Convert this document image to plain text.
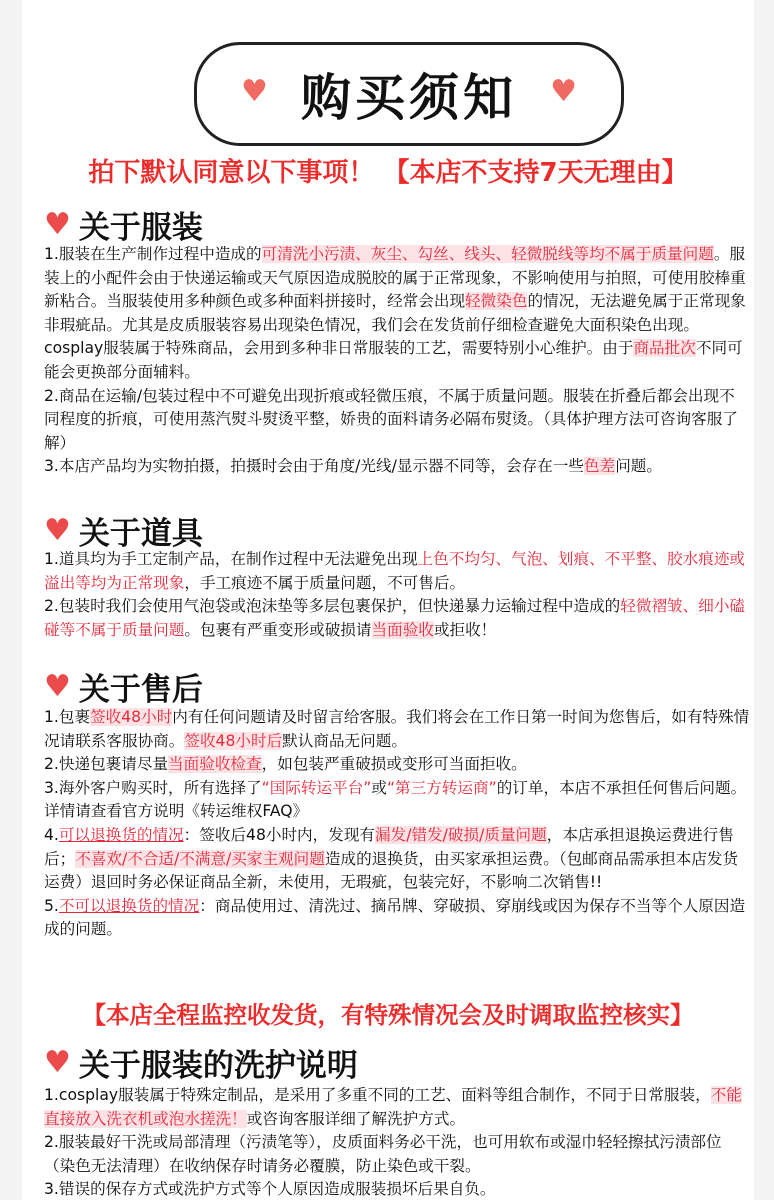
♥ 购买须知 ♥
拍下默认同意以下事项！ 【本店不支持7天无理由】
♥ 关于服装

1.服装在生产制作过程中造成的可清洗小污渍、灰尘、勾丝、线头、轻微脱线等均不属于质量问题。服装上的小配件会由于快递运输或天气原因造成脱胶的属于正常现象，不影响使用与拍照，可使用胶棒重新粘合。当服装使用多种颜色或多种面料拼接时，经常会出现轻微染色的情况，无法避免属于正常现象非瑕疵品。尤其是皮质服装容易出现染色情况，我们会在发货前仔细检查避免大面积染色出现。cosplay服装属于特殊商品，会用到多种非日常服装的工艺，需要特别小心维护。由于商品批次不同可能会更换部分面辅料。

2.商品在运输/包装过程中不可避免出现折痕或轻微压痕，不属于质量问题。服装在折叠后都会出现不同程度的折痕，可使用蒸汽熨斗熨烫平整，娇贵的面料请务必隔布熨烫。（具体护理方法可咨询客服了解）

3.本店产品均为实物拍摄，拍摄时会由于角度/光线/显示器不同等，会存在一些色差问题。

♥ 关于道具

1.道具均为手工定制产品，在制作过程中无法避免出现上色不均匀、气泡、划痕、不平整、胶水痕迹或溢出等均为正常现象，手工痕迹不属于质量问题，不可售后。

2.包装时我们会使用气泡袋或泡沫垫等多层包裹保护，但快递暴力运输过程中造成的轻微褶皱、细小磕碰等不属于质量问题。包裹有严重变形或破损请当面验收或拒收！

♥ 关于售后

1.包裹签收48小时内有任何问题请及时留言给客服。我们将会在工作日第一时间为您售后，如有特殊情况请联系客服协商。签收48小时后默认商品无问题。

2.快递包裹请尽量当面验收检查，如包装严重破损或变形可当面拒收。

3.海外客户购买时，所有选择了“国际转运平台”或“第三方转运商”的订单，本店不承担任何售后问题。详情请查看官方说明《转运维权FAQ》

4.可以退换货的情况：签收后48小时内，发现有漏发/错发/破损/质量问题，本店承担退换运费进行售后；不喜欢/不合适/不满意/买家主观问题造成的退换货，由买家承担运费。（包邮商品需承担本店发货运费）退回时务必保证商品全新，未使用，无瑕疵，包装完好，不影响二次销售!!

5.不可以退换货的情况：商品使用过、清洗过、摘吊牌、穿破损、穿崩线或因为保存不当等个人原因造成的问题。

【本店全程监控收发货，有特殊情况会及时调取监控核实】
♥ 关于服装的洗护说明

1.cosplay服装属于特殊定制品，是采用了多重不同的工艺、面料等组合制作，不同于日常服装，不能直接放入洗衣机或泡水搓洗！或咨询客服详细了解洗护方式。

2.服装最好干洗或局部清理（污渍笔等），皮质面料务必干洗，也可用软布或湿巾轻轻擦拭污渍部位（染色无法清理）在收纳保存时请务必覆膜，防止染色或干裂。

3.错误的保存方式或洗护方式等个人原因造成服装损坏后果自负。
